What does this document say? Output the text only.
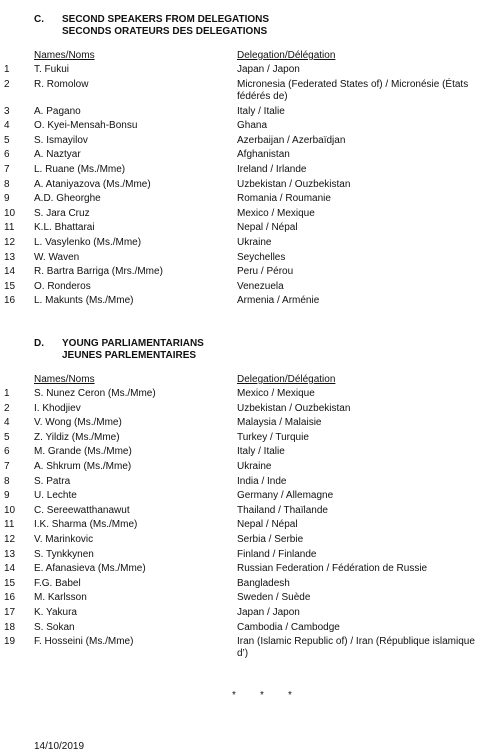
C. SECOND SPEAKERS FROM DELEGATIONS
SECONDS ORATEURS DES DELEGATIONS
Names/Noms	Delegation/Délégation
1 T. Fukui	Japan / Japon
2 R. Romolow	Micronesia (Federated States of) / Micronésie (États fédérés de)
3 A. Pagano	Italy / Italie
4 O. Kyei-Mensah-Bonsu	Ghana
5 S. Ismayilov	Azerbaijan / Azerbaïdjan
6 A. Naztyar	Afghanistan
7 L. Ruane (Ms./Mme)	Ireland / Irlande
8 A. Ataniyazova (Ms./Mme)	Uzbekistan / Ouzbekistan
9 A.D. Gheorghe	Romania / Roumanie
10 S. Jara Cruz	Mexico / Mexique
11 K.L. Bhattarai	Nepal / Népal
12 L. Vasylenko (Ms./Mme)	Ukraine
13 W. Waven	Seychelles
14 R. Bartra Barriga (Mrs./Mme)	Peru / Pérou
15 O. Ronderos	Venezuela
16 L. Makunts (Ms./Mme)	Armenia / Arménie
D. YOUNG PARLIAMENTARIANS
JEUNES PARLEMENTAIRES
Names/Noms	Delegation/Délégation
1 S. Nunez Ceron (Ms./Mme)	Mexico / Mexique
2 I. Khodjiev	Uzbekistan / Ouzbekistan
4 V. Wong (Ms./Mme)	Malaysia / Malaisie
5 Z. Yildiz (Ms./Mme)	Turkey / Turquie
6 M. Grande (Ms./Mme)	Italy / Italie
7 A. Shkrum (Ms./Mme)	Ukraine
8 S. Patra	India / Inde
9 U. Lechte	Germany / Allemagne
10 C. Sereewatthanawut	Thailand / Thaïlande
11 I.K. Sharma (Ms./Mme)	Nepal / Népal
12 V. Marinkovic	Serbia / Serbie
13 S. Tynkkynen	Finland / Finlande
14 E. Afanasieva (Ms./Mme)	Russian Federation / Fédération de Russie
15 F.G. Babel	Bangladesh
16 M. Karlsson	Sweden / Suède
17 K. Yakura	Japan / Japon
18 S. Sokan	Cambodia / Cambodge
19 F. Hosseini (Ms./Mme)	Iran (Islamic Republic of) / Iran (République islamique d’)
* * *
14/10/2019
